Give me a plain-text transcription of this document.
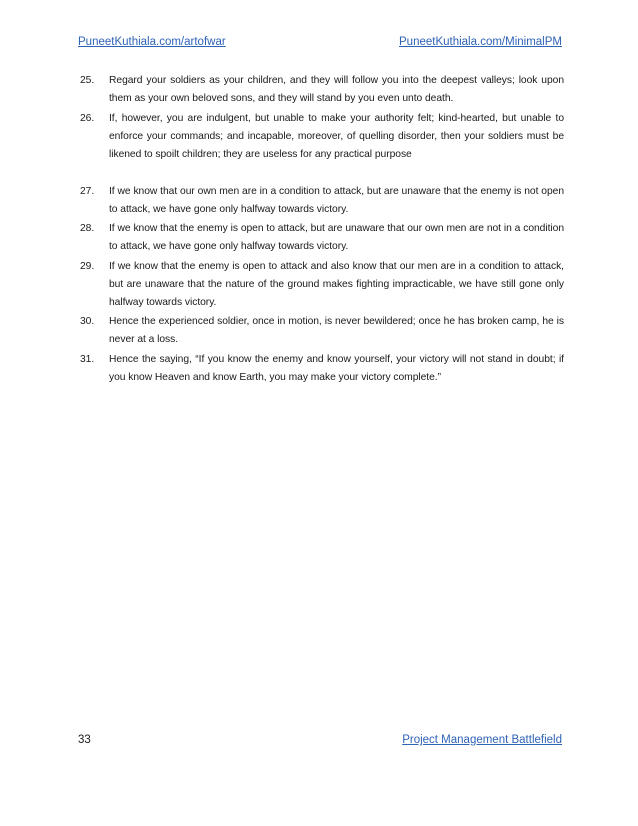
PuneetKuthiala.com/artofwar	PuneetKuthiala.com/MinimalPM
25.	Regard your soldiers as your children, and they will follow you into the deepest valleys; look upon them as your own beloved sons, and they will stand by you even unto death.
26.	If, however, you are indulgent, but unable to make your authority felt; kind-hearted, but unable to enforce your commands; and incapable, moreover, of quelling disorder, then your soldiers must be likened to spoilt children; they are useless for any practical purpose
27.	If we know that our own men are in a condition to attack, but are unaware that the enemy is not open to attack, we have gone only halfway towards victory.
28.	If we know that the enemy is open to attack, but are unaware that our own men are not in a condition to attack, we have gone only halfway towards victory.
29.	If we know that the enemy is open to attack and also know that our men are in a condition to attack, but are unaware that the nature of the ground makes fighting impracticable, we have still gone only halfway towards victory.
30.	Hence the experienced soldier, once in motion, is never bewildered; once he has broken camp, he is never at a loss.
31.	Hence the saying, “If you know the enemy and know yourself, your victory will not stand in doubt; if you know Heaven and know Earth, you may make your victory complete.”
33	Project Management Battlefield
